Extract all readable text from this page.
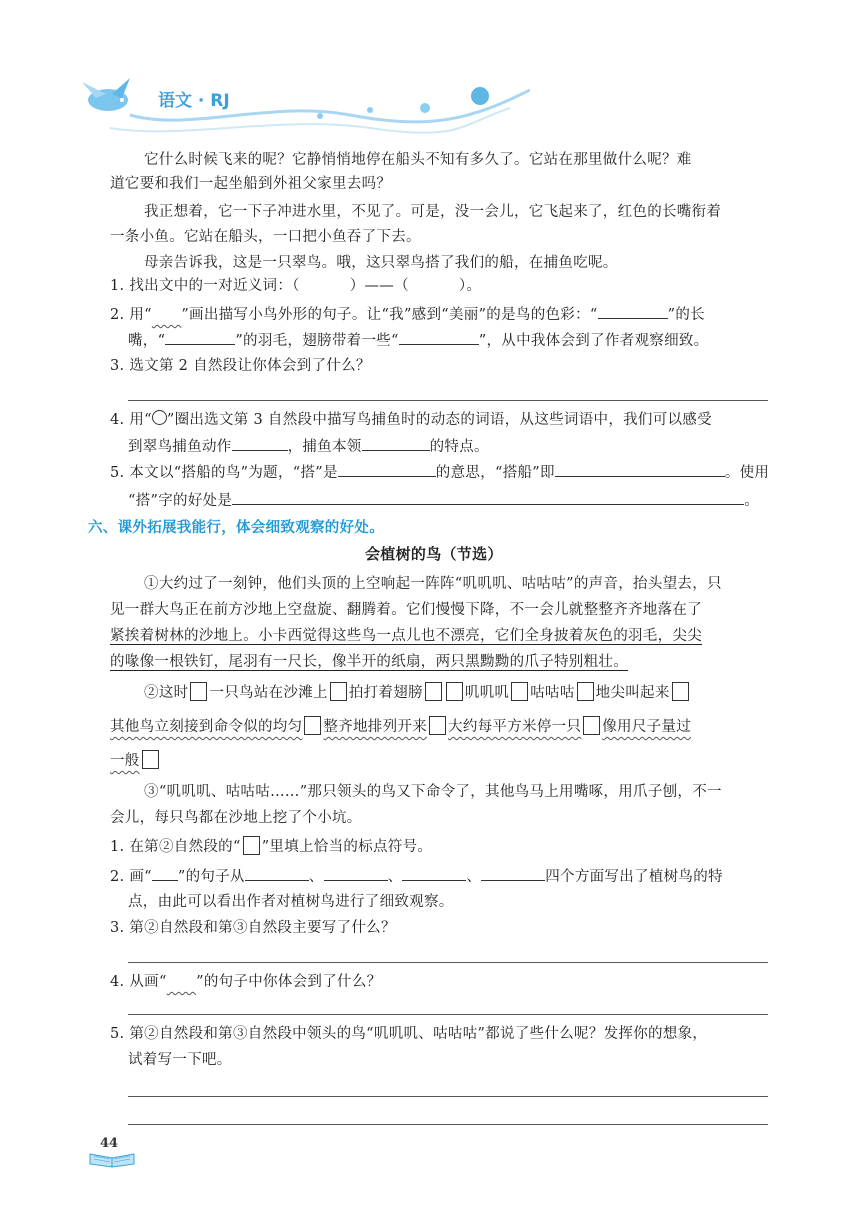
语文 · RJ
它什么时候飞来的呢？它静悄悄地停在船头不知有多久了。它站在那里做什么呢？难
道它要和我们一起坐船到外祖父家里去吗？
我正想着，它一下子冲进水里，不见了。可是，没一会儿，它飞起来了，红色的长嘴衔着
一条小鱼。它站在船头，一口把小鱼吞了下去。
母亲告诉我，这是一只翠鸟。哦，这只翠鸟搭了我们的船，在捕鱼吃呢。
1. 找出文中的一对近义词：（	）——（	）。
2. 用“ ”画出描写小鸟外形的句子。让“我”感到“美丽”的是鸟的色彩：“	”的长
嘴，“	”的羽毛，翅膀带着一些“	”，从中我体会到了作者观察细致。
3. 选文第 2 自然段让你体会到了什么？
4. 用“○”圈出选文第 3 自然段中描写鸟捕鱼时的动态的词语，从这些词语中，我们可以感受
到翠鸟捕鱼动作	，捕鱼本领	的特点。
5. 本文以“搭船的鸟”为题，“搭”是	的意思，“搭船”即	。使用
“搭”字的好处是	。
六、课外拓展我能行，体会细致观察的好处。
会植树的鸟（节选）
①大约过了一刻钟，他们头顶的上空响起一阵阵“叽叽叽、咕咕咕”的声音，抬头望去，只
见一群大鸟正在前方沙地上空盘旋、翻腾着。它们慢慢下降，不一会儿就整整齐齐地落在了
紧挨着树林的沙地上。小卡西觉得这些鸟一点儿也不漂亮，它们全身披着灰色的羽毛，尖尖
的喙像一根铁钉，尾羽有一尺长，像半开的纸扇，两只黑黝黝的爪子特别粗壮。
②这时 一只鸟站在沙滩上 拍打着翅膀	叽叽叽 咕咕咕 地尖叫起来
其他鸟立刻接到命令似的均匀 整齐地排列开来 大约每平方米停一只 像用尺子量过
一般
③“叽叽叽、咕咕咕……”那只领头的鸟又下命令了，其他鸟马上用嘴啄，用爪子刨，不一
会儿，每只鸟都在沙地上挖了个小坑。
1. 在第②自然段的“ ”里填上恰当的标点符号。
2. 画“ ”的句子从	、	、	、	四个方面写出了植树鸟的特
点，由此可以看出作者对植树鸟进行了细致观察。
3. 第②自然段和第③自然段主要写了什么？
4. 从画“ ”的句子中你体会到了什么？
5. 第②自然段和第③自然段中领头的鸟“叽叽叽、咕咕咕”都说了些什么呢？发挥你的想象，
试着写一下吧。
44
